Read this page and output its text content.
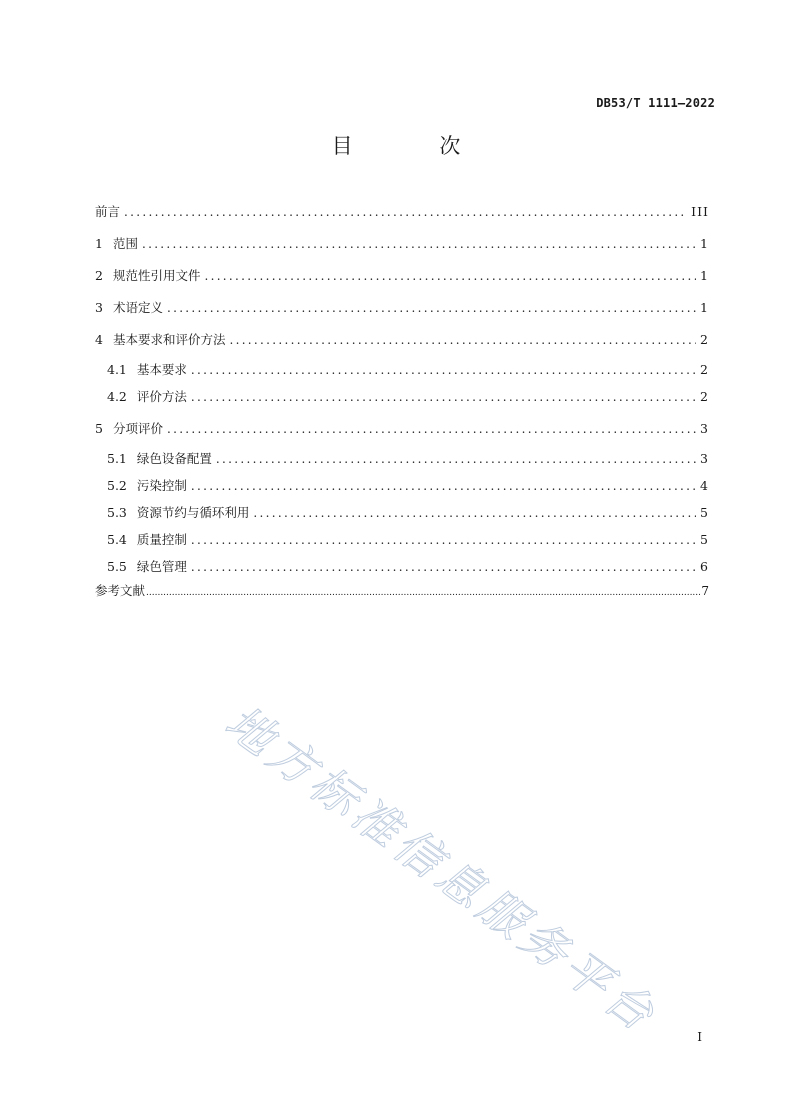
DB53/T 1111—2022
目 次
前言 .....	III
1 范围 .....	1
2 规范性引用文件 .....	1
3 术语定义 .....	1
4 基本要求和评价方法 .....	2
4.1 基本要求 .....	2
4.2 评价方法 .....	2
5 分项评价 .....	3
5.1 绿色设备配置 .....	3
5.2 污染控制 .....	4
5.3 资源节约与循环利用 .....	5
5.4 质量控制 .....	5
5.5 绿色管理 .....	6
参考文献 .....	7
地方标准信息服务平台	I
